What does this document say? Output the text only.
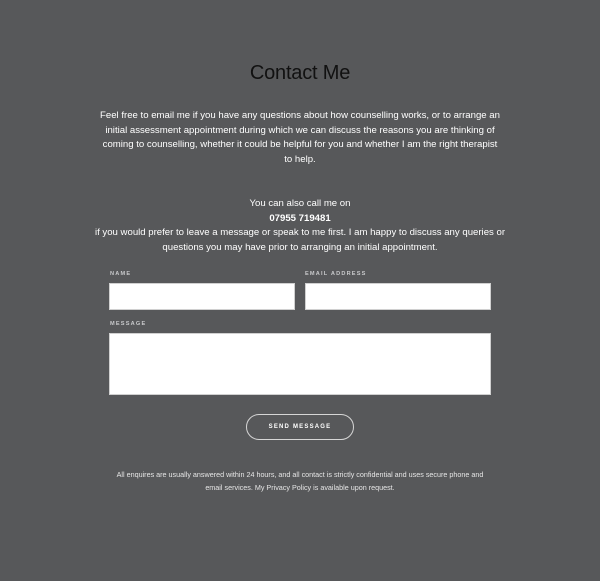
Contact Me

Feel free to email me if you have any questions about how counselling works, or to arrange an initial assessment appointment during which we can discuss the reasons you are thinking of coming to counselling, whether it could be helpful for you and whether I am the right therapist to help.

You can also call me on
07955 719481
if you would prefer to leave a message or speak to me first. I am happy to discuss any queries or questions you may have prior to arranging an initial appointment.
NAME	EMAIL ADDRESS
MESSAGE
SEND MESSAGE

All enquires are usually answered within 24 hours, and all contact is strictly confidential and uses secure phone and email services. My Privacy Policy is available upon request.
